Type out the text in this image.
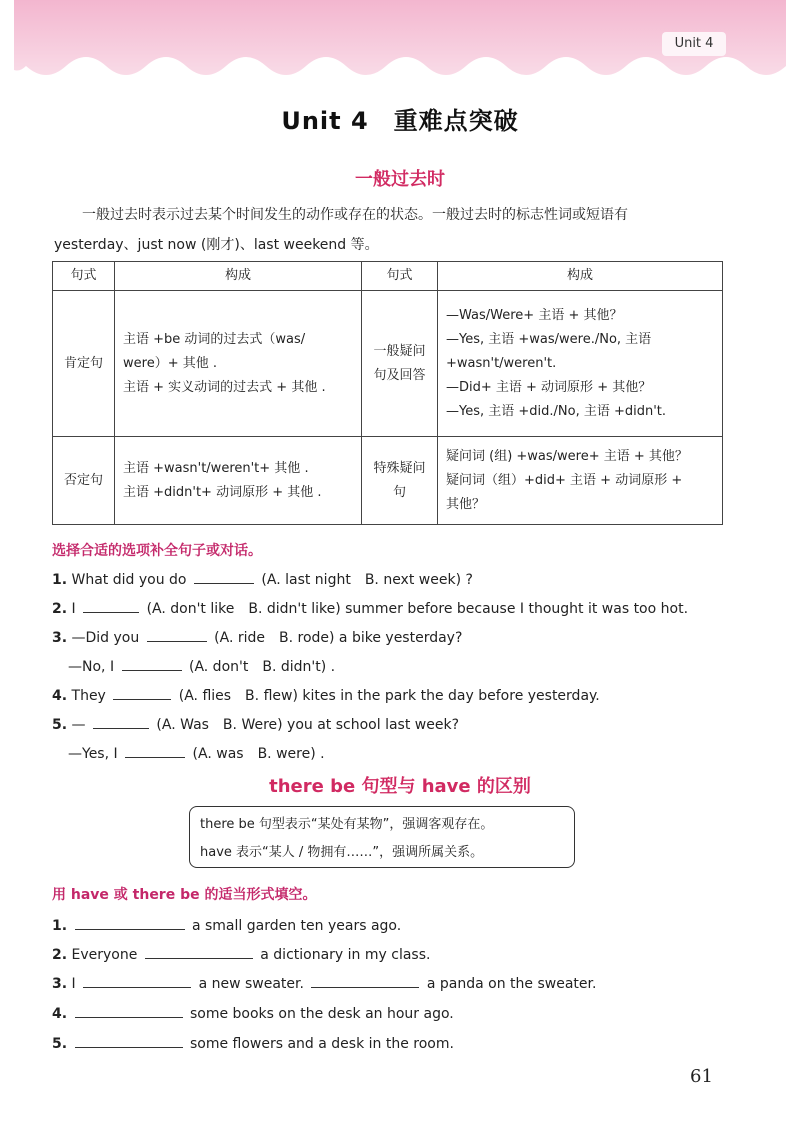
Unit 4
Unit 4　重难点突破
一般过去时
一般过去时表示过去某个时间发生的动作或存在的状态。一般过去时的标志性词或短语有
yesterday、just now (刚才)、last weekend 等。
句式	构成	句式	构成
肯定句	主语 +be 动词的过去式（was/
were）+ 其他 .
主语 + 实义动词的过去式 + 其他 .	一般疑问句及回答	—Was/Were+ 主语 + 其他？
—Yes, 主语 +was/were./No, 主语
+wasn't/weren't.
—Did+ 主语 + 动词原形 + 其他？
—Yes, 主语 +did./No, 主语 +didn't.

否定句	主语 +wasn't/weren't+ 其他 .
主语 +didn't+ 动词原形 + 其他 .	特殊疑问句	疑问词 (组) +was/were+ 主语 + 其他？
疑问词（组）+did+ 主语 + 动词原形 +
其他？
选择合适的选项补全句子或对话。
1. What did you do	(A. last night　B. next week) ?
2. I	(A. don't like　B. didn't like) summer before because I thought it was too hot.
3. —Did you	(A. ride　B. rode) a bike yesterday?
—No, I	(A. don't　B. didn't) .
4. They	(A. flies　B. flew) kites in the park the day before yesterday.
5. —	(A. Was　B. Were) you at school last week?
—Yes, I	(A. was　B. were) .
there be 句型与 have 的区别
there be 句型表示“某处有某物”，强调客观存在。
have 表示“某人 / 物拥有……”，强调所属关系。
用 have 或 there be 的适当形式填空。
1.	a small garden ten years ago.
2. Everyone	a dictionary in my class.
3. I	a new sweater.	a panda on the sweater.
4.	some books on the desk an hour ago.
5.	some flowers and a desk in the room.
61
